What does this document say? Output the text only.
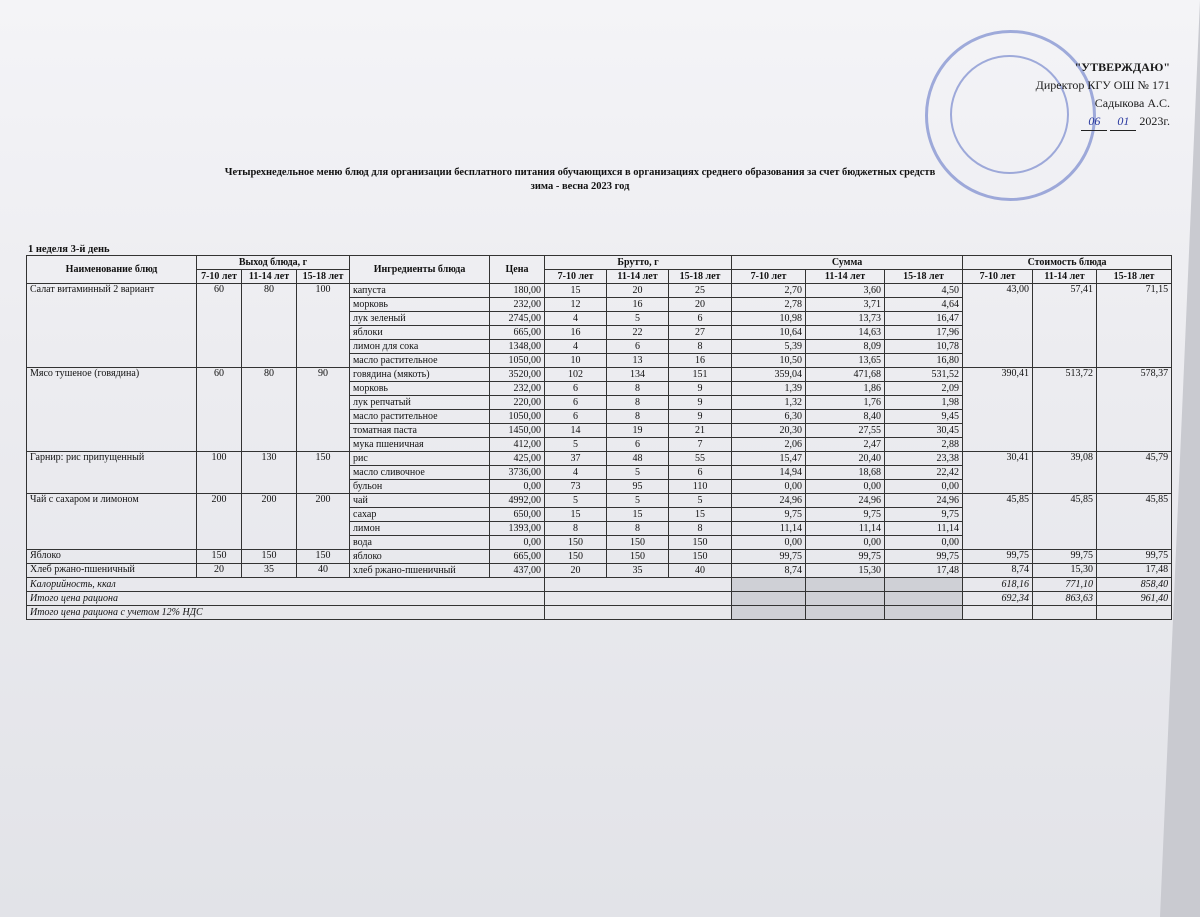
"УТВЕРЖДАЮ"
Директор КГУ ОШ № 171
Садыкова А.С.
06 01 2023г.
Четырехнедельное меню блюд для организации бесплатного питания обучающихся в организациях среднего образования за счет бюджетных средств
зима - весна 2023 год
1 неделя 3-й день
Наименование блюд	Выход блюда, г			Ингредиенты блюда	Цена	Брутто, г			Сумма			Стоимость блюда		
	7-10 лет	11-14 лет	15-18 лет			7-10 лет	11-14 лет	15-18 лет	7-10 лет	11-14 лет	15-18 лет	7-10 лет	11-14 лет	15-18 лет
Салат витаминный 2 вариант	60	80	100	капуста	180,00	15	20	25	2,70	3,60	4,50	43,00	57,41	71,15
				морковь	232,00	12	16	20	2,78	3,71	4,64			
				лук зеленый	2745,00	4	5	6	10,98	13,73	16,47			
				яблоки	665,00	16	22	27	10,64	14,63	17,96			
				лимон для сока	1348,00	4	6	8	5,39	8,09	10,78			
				масло растительное	1050,00	10	13	16	10,50	13,65	16,80			
Мясо тушеное (говядина)	60	80	90	говядина (мякоть)	3520,00	102	134	151	359,04	471,68	531,52	390,41	513,72	578,37
				морковь	232,00	6	8	9	1,39	1,86	2,09			
				лук репчатый	220,00	6	8	9	1,32	1,76	1,98			
				масло растительное	1050,00	6	8	9	6,30	8,40	9,45			
				томатная паста	1450,00	14	19	21	20,30	27,55	30,45			
				мука пшеничная	412,00	5	6	7	2,06	2,47	2,88			
Гарнир: рис припущенный	100	130	150	рис	425,00	37	48	55	15,47	20,40	23,38	30,41	39,08	45,79
				масло сливочное	3736,00	4	5	6	14,94	18,68	22,42			
				бульон	0,00	73	95	110	0,00	0,00	0,00			
Чай с сахаром и лимоном	200	200	200	чай	4992,00	5	5	5	24,96	24,96	24,96	45,85	45,85	45,85
				сахар	650,00	15	15	15	9,75	9,75	9,75			
				лимон	1393,00	8	8	8	11,14	11,14	11,14			
				вода	0,00	150	150	150	0,00	0,00	0,00			
Яблоко	150	150	150	яблоко	665,00	150	150	150	99,75	99,75	99,75	99,75	99,75	99,75
Хлеб ржано-пшеничный	20	35	40	хлеб ржано-пшеничный	437,00	20	35	40	8,74	15,30	17,48	8,74	15,30	17,48
Калорийность, ккал												618,16	771,10	858,40
Итого цена рациона												692,34	863,63	961,40
Итого цена рациона с учетом 12% НДС														
